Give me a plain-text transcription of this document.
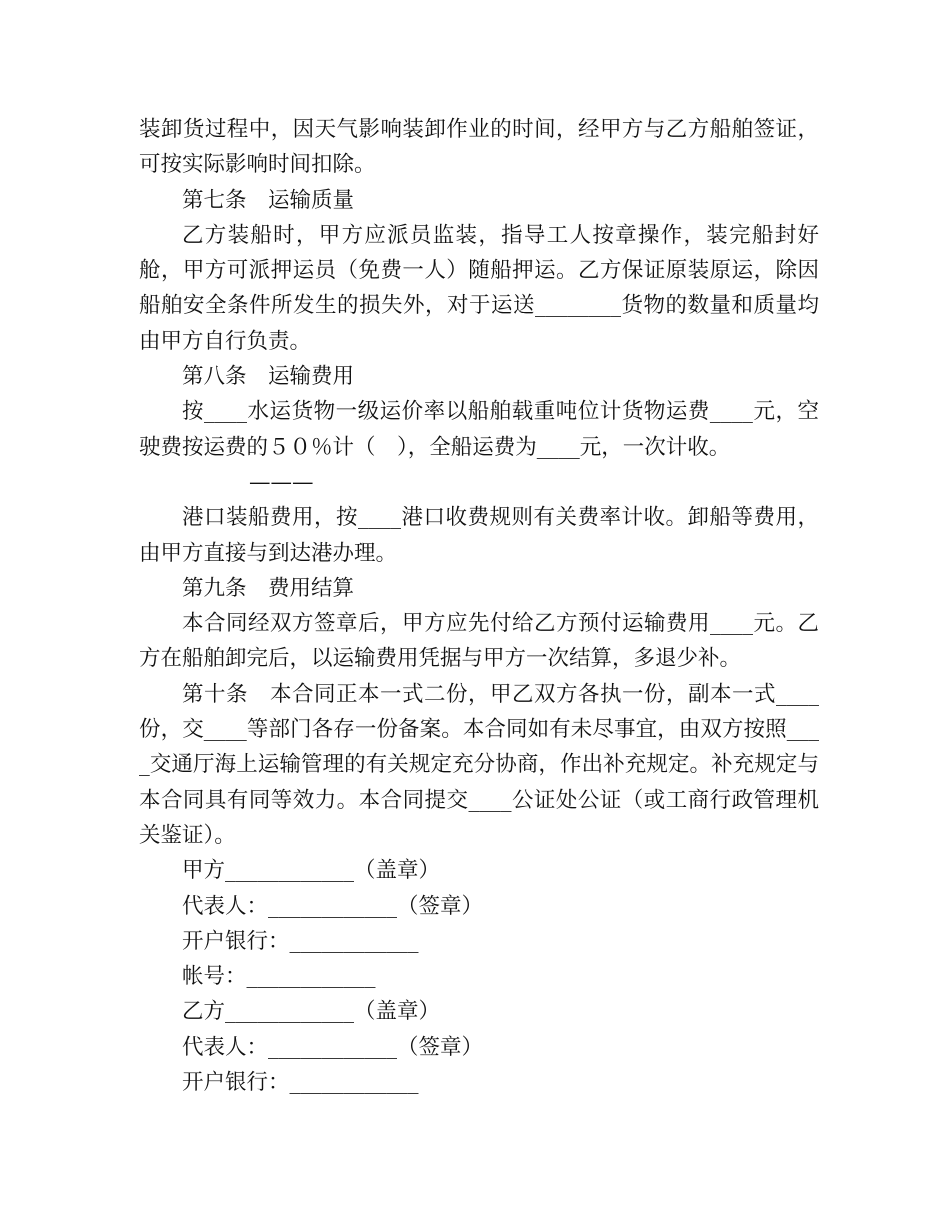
装卸货过程中，因天气影响装卸作业的时间，经甲方与乙方船舶签证，可按实际影响时间扣除。

第七条　运输质量

乙方装船时，甲方应派员监装，指导工人按章操作，装完船封好舱，甲方可派押运员（免费一人）随船押运。乙方保证原装原运，除因船舶安全条件所发生的损失外，对于运送________货物的数量和质量均由甲方自行负责。

第八条　运输费用

按____水运货物一级运价率以船舶载重吨位计货物运费____元，空驶费按运费的５０％计（　），全船运费为____元，一次计收。

———

港口装船费用，按____港口收费规则有关费率计收。卸船等费用，由甲方直接与到达港办理。

第九条　费用结算

本合同经双方签章后，甲方应先付给乙方预付运输费用____元。乙方在船舶卸完后，以运输费用凭据与甲方一次结算，多退少补。

第十条　本合同正本一式二份，甲乙双方各执一份，副本一式____份，交____等部门各存一份备案。本合同如有未尽事宜，由双方按照____交通厅海上运输管理的有关规定充分协商，作出补充规定。补充规定与本合同具有同等效力。本合同提交____公证处公证（或工商行政管理机关鉴证）。

甲方____________（盖章）

代表人：____________（签章）

开户银行：____________

帐号：____________

乙方____________（盖章）

代表人：____________（签章）

开户银行：____________
